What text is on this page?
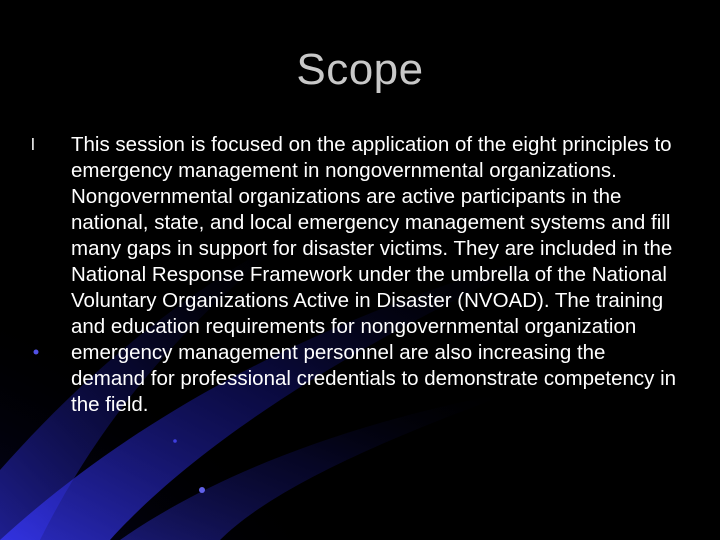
Scope
l	This session is focused on the application of the eight principles to emergency management in nongovernmental organizations. Nongovernmental organizations are active participants in the national, state, and local emergency management systems and fill many gaps in support for disaster victims. They are included in the National Response Framework under the umbrella of the National Voluntary Organizations Active in Disaster (NVOAD). The training and education requirements for nongovernmental organization emergency management personnel are also increasing the demand for professional credentials to demonstrate competency in the field.
